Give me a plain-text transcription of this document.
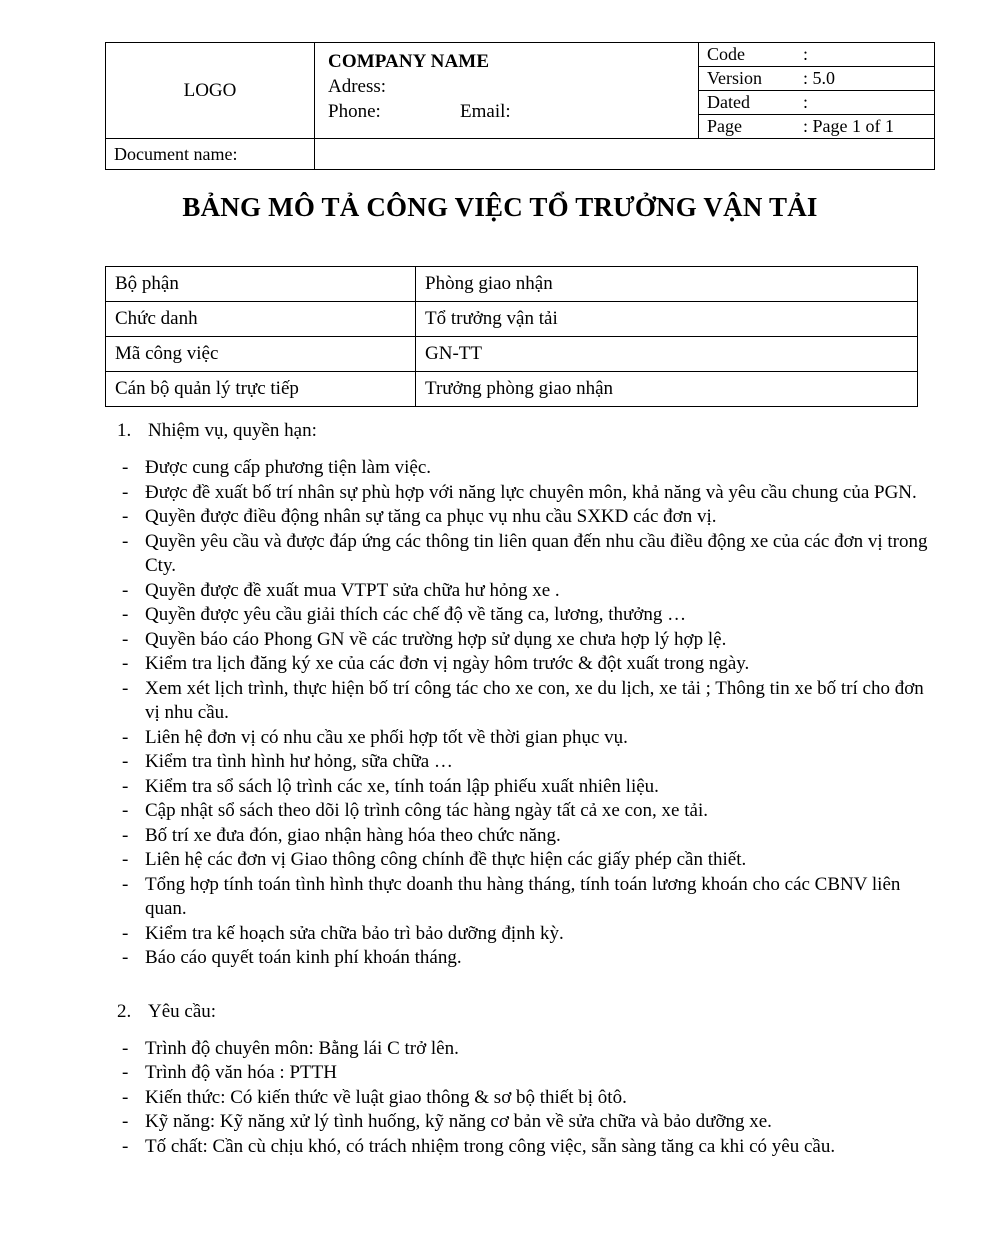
LOGO	
COMPANY NAME
Adress:
Phone:	Email:

Code	:
Version	: 5.0
Dated	:
Page	: Page 1 of 1

Document name:	
BẢNG MÔ TẢ CÔNG VIỆC TỔ TRƯỞNG VẬN TẢI
Bộ phận	Phòng giao nhận
Chức danh	Tổ trưởng vận tải
Mã công việc	GN-TT
Cán bộ quản lý trực tiếp	Trưởng phòng giao nhận
1. Nhiệm vụ, quyền hạn:
- Được cung cấp phương tiện làm việc.
- Được đề xuất bố trí nhân sự phù hợp với năng lực chuyên môn, khả năng và yêu cầu chung của PGN.
- Quyền được điều động nhân sự tăng ca phục vụ nhu cầu SXKD các đơn vị.
- Quyền yêu cầu và được đáp ứng các thông tin liên quan đến nhu cầu điều động xe của các đơn vị trong Cty.
- Quyền được đề xuất mua VTPT sửa chữa hư hỏng xe .
- Quyền được yêu cầu giải thích các chế độ về tăng ca, lương, thưởng …
- Quyền báo cáo Phong GN về các trường hợp sử dụng xe chưa hợp lý hợp lệ.
- Kiểm tra lịch đăng ký xe của các đơn vị ngày hôm trước & đột xuất trong ngày.
- Xem xét lịch trình, thực hiện bố trí công tác cho xe con, xe du lịch, xe tải ; Thông tin xe bố trí cho đơn vị nhu cầu.
- Liên hệ đơn vị có nhu cầu xe phối hợp tốt về thời gian phục vụ.
- Kiểm tra tình hình hư hỏng, sữa chữa …
- Kiểm tra sổ sách lộ trình các xe, tính toán lập phiếu xuất nhiên liệu.
- Cập nhật sổ sách theo dõi lộ trình công tác hàng ngày tất cả xe con, xe tải.
- Bố trí xe đưa đón, giao nhận hàng hóa theo chức năng.
- Liên hệ các đơn vị Giao thông công chính đề thực hiện các giấy phép cần thiết.
- Tổng hợp tính toán tình hình thực doanh thu hàng tháng, tính toán lương khoán cho các CBNV liên quan.
- Kiểm tra kế hoạch sửa chữa bảo trì bảo dưỡng định kỳ.
- Báo cáo quyết toán kinh phí khoán tháng.
2. Yêu cầu:
- Trình độ chuyên môn: Bằng lái C trở lên.
- Trình độ văn hóa : PTTH
- Kiến thức: Có kiến thức về luật giao thông & sơ bộ thiết bị ôtô.
- Kỹ năng: Kỹ năng xử lý tình huống, kỹ năng cơ bản về sửa chữa và bảo dưỡng xe.
- Tố chất: Cần cù chịu khó, có trách nhiệm trong công việc, sẵn sàng tăng ca khi có yêu cầu.
